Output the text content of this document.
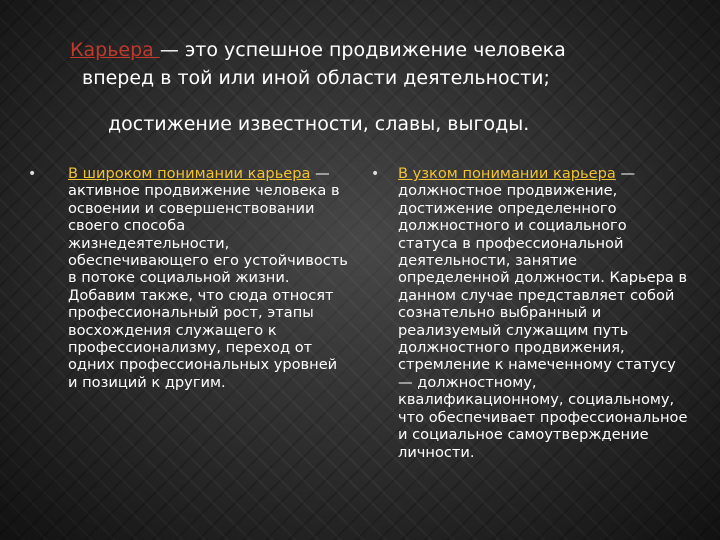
Карьера — это успешное продвижение человека
вперед в той или иной области деятельности;
достижение известности, славы, выгоды.
• В широком понимании карьера — активное продвижение человека в освоении и совершенствовании своего способа жизнедеятельности, обеспечивающего его устойчивость в потоке социальной жизни. Добавим также, что сюда относят профессиональный рост, этапы восхождения служащего к профессионализму, переход от одних профессиональных уровней и позиций к другим.
• В узком понимании карьера — должностное продвижение, достижение определенного должностного и социального статуса в профессиональной деятельности, занятие определенной должности. Карьера в данном случае представляет собой сознательно выбранный и реализуемый служащим путь должностного продвижения, стремление к намеченному статусу — должностному, квалификационному, социальному, что обеспечивает профессиональное и социальное самоутверждение личности.
